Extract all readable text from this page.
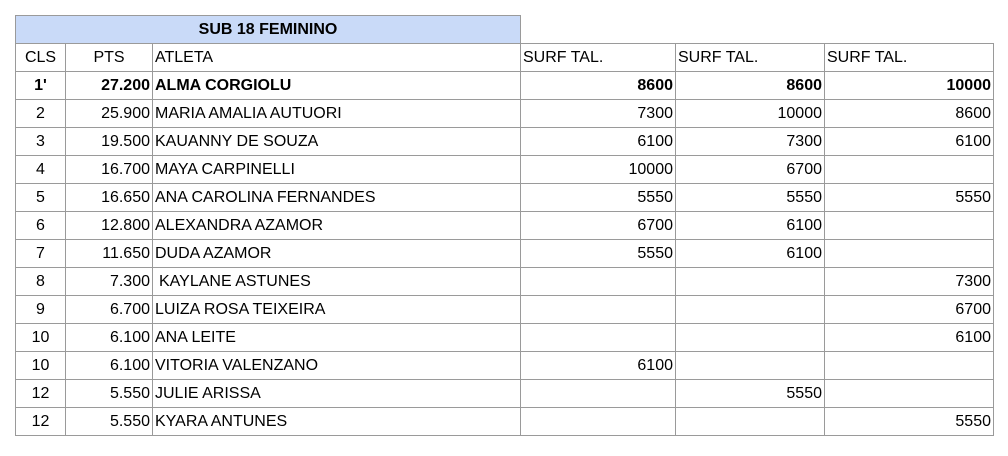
SUB 18 FEMININO					
CLS	PTS	ATLETA	SURF TAL.	SURF TAL.	SURF TAL.
1'	27.200	ALMA CORGIOLU	8600	8600	10000
2	25.900	MARIA AMALIA AUTUORI	7300	10000	8600
3	19.500	KAUANNY DE SOUZA	6100	7300	6100
4	16.700	MAYA CARPINELLI	10000	6700	
5	16.650	ANA CAROLINA FERNANDES	5550	5550	5550
6	12.800	ALEXANDRA AZAMOR	6700	6100	
7	11.650	DUDA AZAMOR	5550	6100	
8	7.300	KAYLANE ASTUNES			7300
9	6.700	LUIZA ROSA TEIXEIRA			6700
10	6.100	ANA LEITE			6100
10	6.100	VITORIA VALENZANO	6100		
12	5.550	JULIE ARISSA		5550	
12	5.550	KYARA ANTUNES			5550
